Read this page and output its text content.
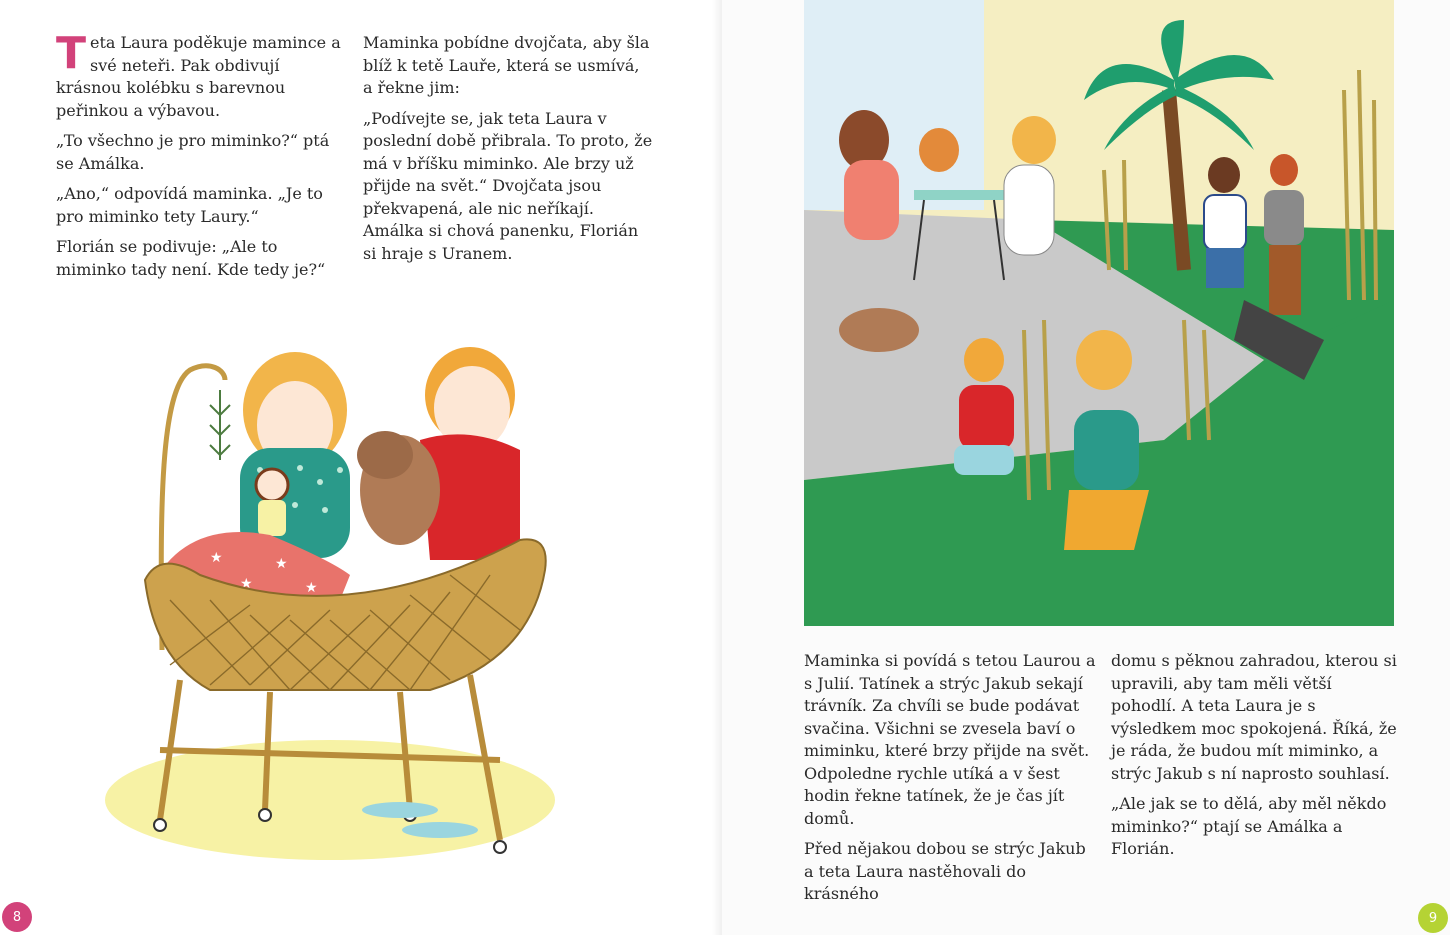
Teta Laura poděkuje mamince a své neteři. Pak obdivují krásnou kolébku s barevnou peřinkou a výbavou.

„To všechno je pro miminko?“ ptá se Amálka.

„Ano,“ odpovídá maminka. „Je to pro miminko tety Laury.“

Florián se podivuje: „Ale to miminko tady není. Kde tedy je?“

Maminka pobídne dvojčata, aby šla blíž k tetě Lauře, která se usmívá, a řekne jim:

„Podívejte se, jak teta Laura v poslední době přibrala. To proto, že má v bříšku miminko. Ale brzy už přijde na svět.“ Dvojčata jsou překvapená, ale nic neříkají. Amálka si chová panenku, Florián si hraje s Uranem.

★
★
★
★
8

Maminka si povídá s tetou Laurou a s Julií. Tatínek a strýc Jakub sekají trávník. Za chvíli se bude podávat svačina. Všichni se zvesela baví o miminku, které brzy přijde na svět. Odpoledne rychle utíká a v šest hodin řekne tatínek, že je čas jít domů.

Před nějakou dobou se strýc Jakub a teta Laura nastěhovali do krásného

domu s pěknou zahradou, kterou si upravili, aby tam měli větší pohodlí. A teta Laura je s výsledkem moc spokojená. Říká, že je ráda, že budou mít miminko, a strýc Jakub s ní naprosto souhlasí.

„Ale jak se to dělá, aby měl někdo miminko?“ ptají se Amálka a Florián.

9
